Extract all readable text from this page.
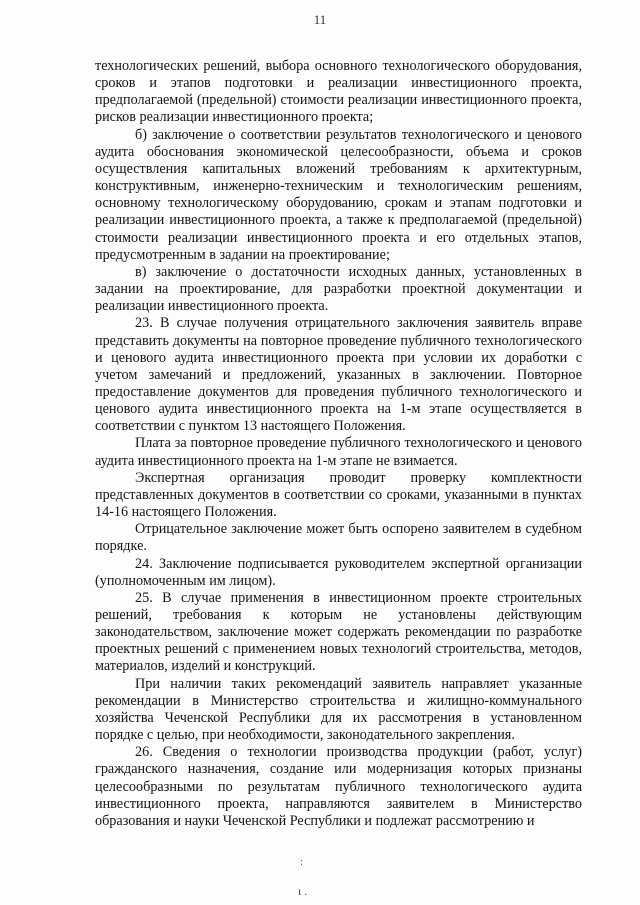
11

технологических решений, выбора основного технологического оборудования, сроков и этапов подготовки и реализации инвестиционного проекта, предполагаемой (предельной) стоимости реализации инвестиционного проекта, рисков реализации инвестиционного проекта;

б) заключение о соответствии результатов технологического и ценового аудита обоснования экономической целесообразности, объема и сроков осуществления капитальных вложений требованиям к архитектурным, конструктивным, инженерно-техническим и технологическим решениям, основному технологическому оборудованию, срокам и этапам подготовки и реализации инвестиционного проекта, а также к предполагаемой (предельной) стоимости реализации инвестиционного проекта и его отдельных этапов, предусмотренным в задании на проектирование;

в) заключение о достаточности исходных данных, установленных в задании на проектирование, для разработки проектной документации и реализации инвестиционного проекта.

23. В случае получения отрицательного заключения заявитель вправе представить документы на повторное проведение публичного технологического и ценового аудита инвестиционного проекта при условии их доработки с учетом замечаний и предложений, указанных в заключении. Повторное предоставление документов для проведения публичного технологического и ценового аудита инвестиционного проекта на 1-м этапе осуществляется в соответствии с пунктом 13 настоящего Положения.

Плата за повторное проведение публичного технологического и ценового аудита инвестиционного проекта на 1-м этапе не взимается.

Экспертная организация проводит проверку комплектности представленных документов в соответствии со сроками, указанными в пунктах 14-16 настоящего Положения.

Отрицательное заключение может быть оспорено заявителем в судебном порядке.

24. Заключение подписывается руководителем экспертной организации (уполномоченным им лицом).

25. В случае применения в инвестиционном проекте строительных решений, требования к которым не установлены действующим законодательством, заключение может содержать рекомендации по разработке проектных решений с применением новых технологий строительства, методов, материалов, изделий и конструкций.

При наличии таких рекомендаций заявитель направляет указанные рекомендации в Министерство строительства и жилищно-коммунального хозяйства Чеченской Республики для их рассмотрения в установленном порядке с целью, при необходимости, законодательного закрепления.

26. Сведения о технологии производства продукции (работ, услуг) гражданского назначения, создание или модернизация которых признаны целесообразными по результатам публичного технологического аудита инвестиционного проекта, направляются заявителем в Министерство образования и науки Чеченской Республики и подлежат рассмотрению и

:
ι .
